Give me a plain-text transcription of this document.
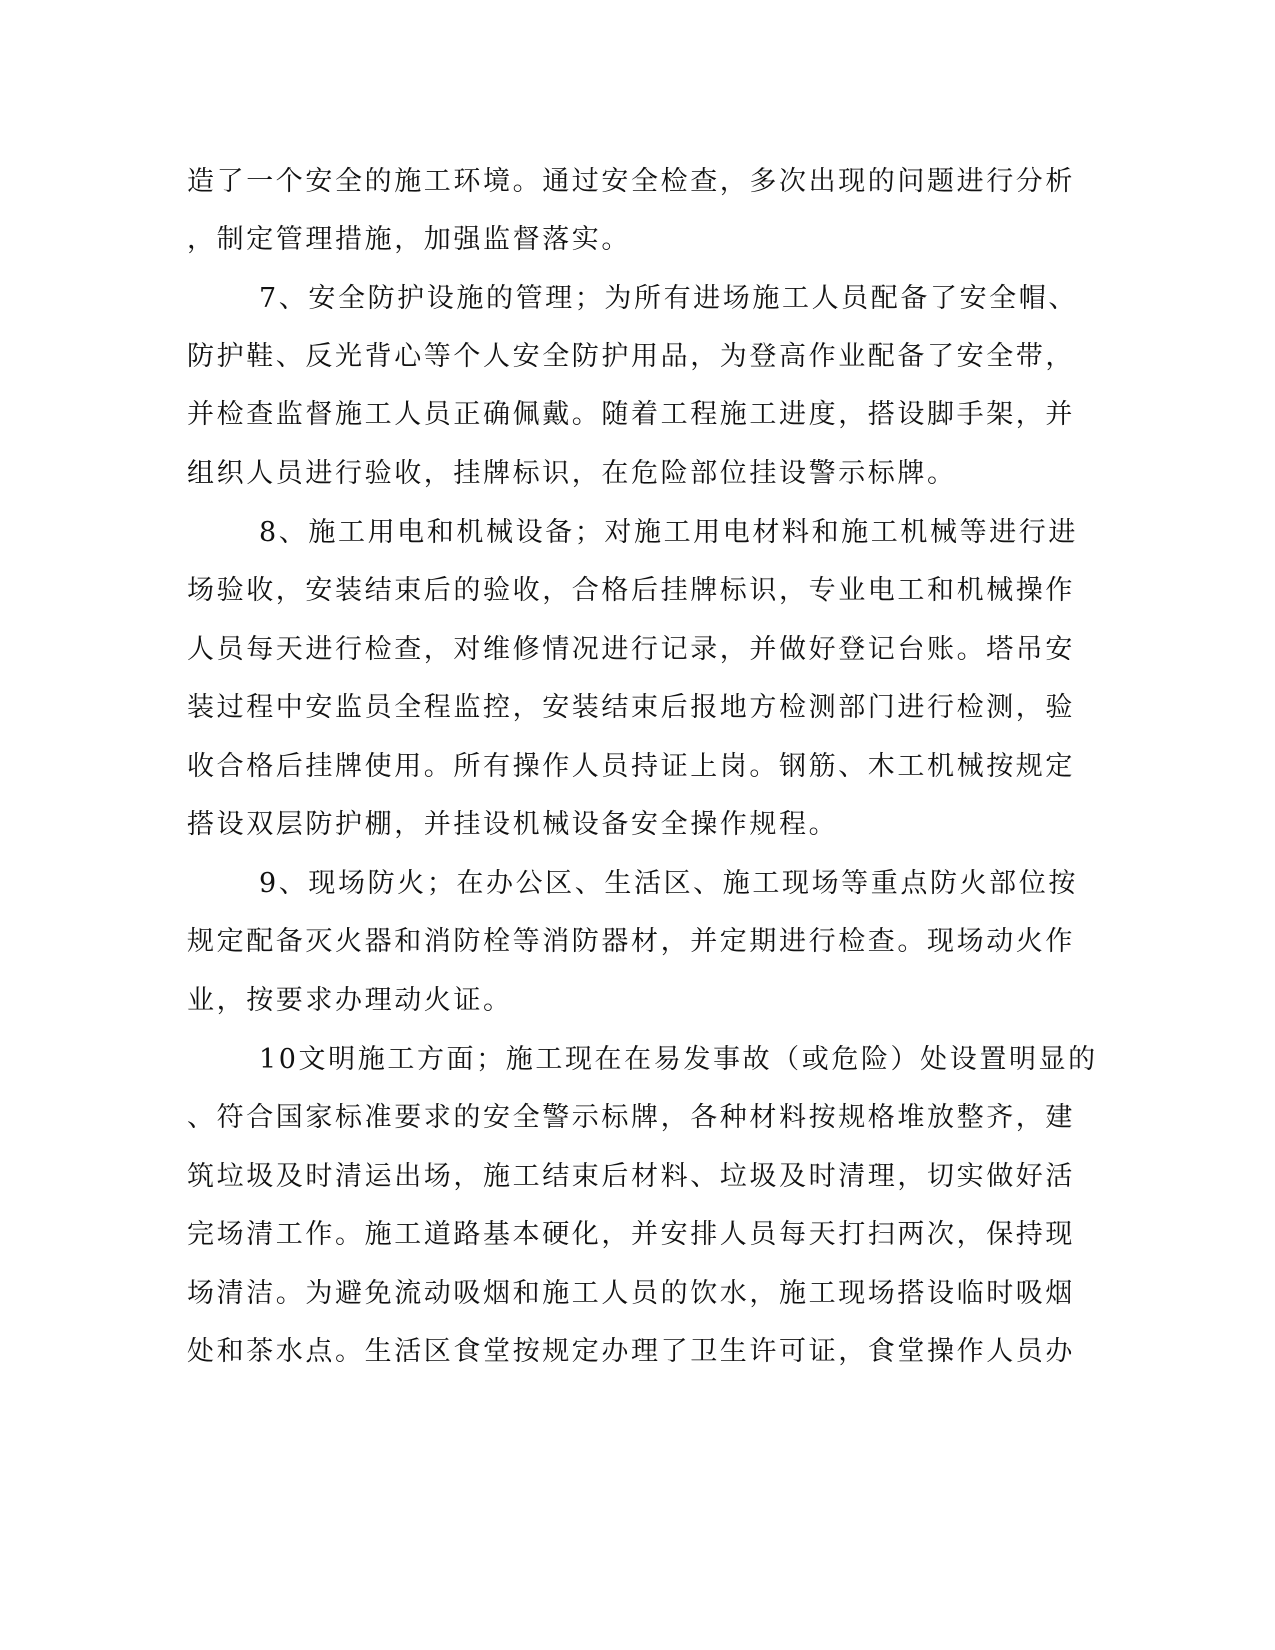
造了一个安全的施工环境。通过安全检查，多次出现的问题进行分析
，制定管理措施，加强监督落实。
7、安全防护设施的管理；为所有进场施工人员配备了安全帽、
防护鞋、反光背心等个人安全防护用品，为登高作业配备了安全带，
并检查监督施工人员正确佩戴。随着工程施工进度，搭设脚手架，并
组织人员进行验收，挂牌标识，在危险部位挂设警示标牌。
8、施工用电和机械设备；对施工用电材料和施工机械等进行进
场验收，安装结束后的验收，合格后挂牌标识，专业电工和机械操作
人员每天进行检查，对维修情况进行记录，并做好登记台账。塔吊安
装过程中安监员全程监控，安装结束后报地方检测部门进行检测，验
收合格后挂牌使用。所有操作人员持证上岗。钢筋、木工机械按规定
搭设双层防护棚，并挂设机械设备安全操作规程。
9、现场防火；在办公区、生活区、施工现场等重点防火部位按
规定配备灭火器和消防栓等消防器材，并定期进行检查。现场动火作
业，按要求办理动火证。
10文明施工方面；施工现在在易发事故（或危险）处设置明显的
、符合国家标准要求的安全警示标牌，各种材料按规格堆放整齐，建
筑垃圾及时清运出场，施工结束后材料、垃圾及时清理，切实做好活
完场清工作。施工道路基本硬化，并安排人员每天打扫两次，保持现
场清洁。为避免流动吸烟和施工人员的饮水，施工现场搭设临时吸烟
处和茶水点。生活区食堂按规定办理了卫生许可证，食堂操作人员办
